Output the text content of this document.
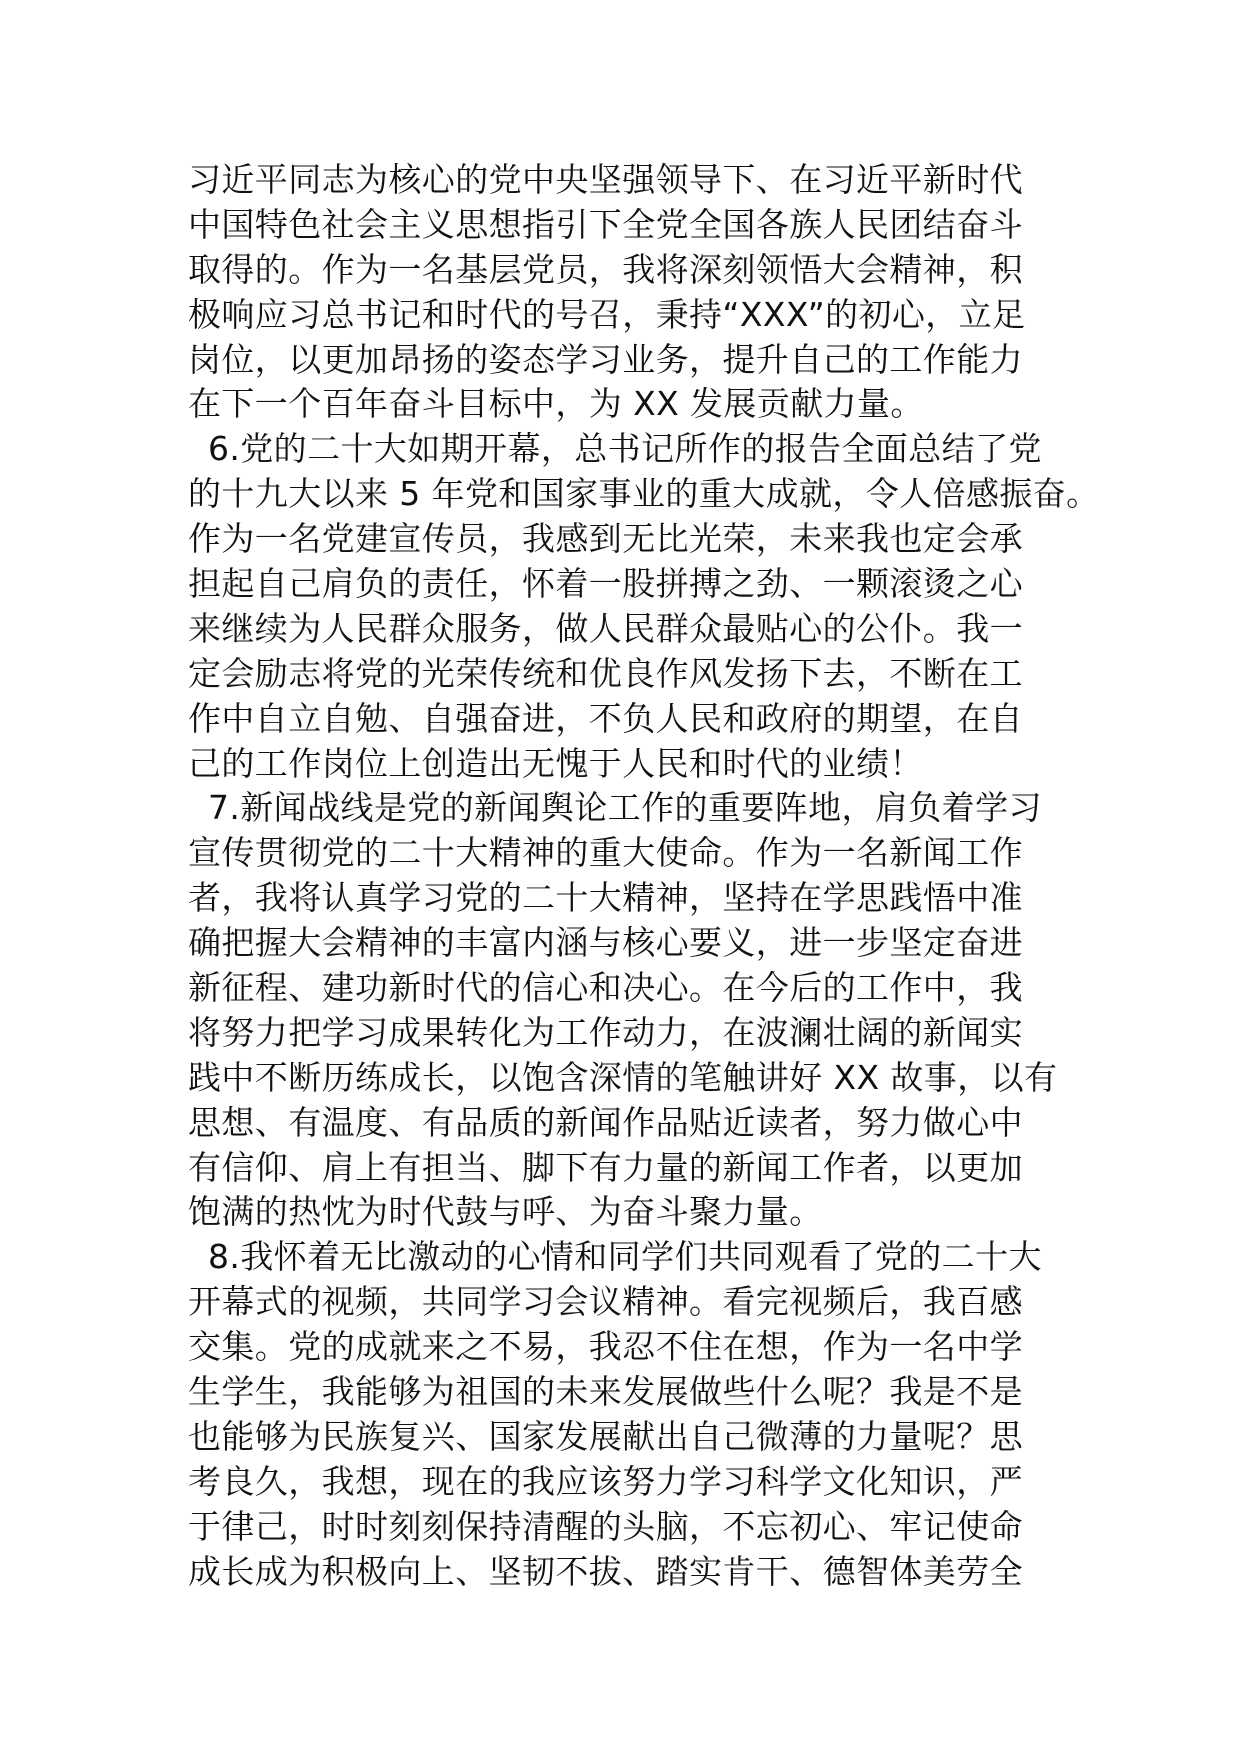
习近平同志为核心的党中央坚强领导下、在习近平新时代
中国特色社会主义思想指引下全党全国各族人民团结奋斗
取得的。作为一名基层党员，我将深刻领悟大会精神，积
极响应习总书记和时代的号召，秉持“XXX”的初心，立足
岗位，以更加昂扬的姿态学习业务，提升自己的工作能力
在下一个百年奋斗目标中，为 XX 发展贡献力量。
6.党的二十大如期开幕，总书记所作的报告全面总结了党
的十九大以来 5 年党和国家事业的重大成就，令人倍感振奋。
作为一名党建宣传员，我感到无比光荣，未来我也定会承
担起自己肩负的责任，怀着一股拼搏之劲、一颗滚烫之心
来继续为人民群众服务，做人民群众最贴心的公仆。我一
定会励志将党的光荣传统和优良作风发扬下去，不断在工
作中自立自勉、自强奋进，不负人民和政府的期望，在自
己的工作岗位上创造出无愧于人民和时代的业绩！
7.新闻战线是党的新闻舆论工作的重要阵地，肩负着学习
宣传贯彻党的二十大精神的重大使命。作为一名新闻工作
者，我将认真学习党的二十大精神，坚持在学思践悟中准
确把握大会精神的丰富内涵与核心要义，进一步坚定奋进
新征程、建功新时代的信心和决心。在今后的工作中，我
将努力把学习成果转化为工作动力，在波澜壮阔的新闻实
践中不断历练成长，以饱含深情的笔触讲好 XX 故事，以有
思想、有温度、有品质的新闻作品贴近读者，努力做心中
有信仰、肩上有担当、脚下有力量的新闻工作者，以更加
饱满的热忱为时代鼓与呼、为奋斗聚力量。
8.我怀着无比激动的心情和同学们共同观看了党的二十大
开幕式的视频，共同学习会议精神。看完视频后，我百感
交集。党的成就来之不易，我忍不住在想，作为一名中学
生学生，我能够为祖国的未来发展做些什么呢？我是不是
也能够为民族复兴、国家发展献出自己微薄的力量呢？思
考良久，我想，现在的我应该努力学习科学文化知识，严
于律己，时时刻刻保持清醒的头脑，不忘初心、牢记使命
成长成为积极向上、坚韧不拔、踏实肯干、德智体美劳全
